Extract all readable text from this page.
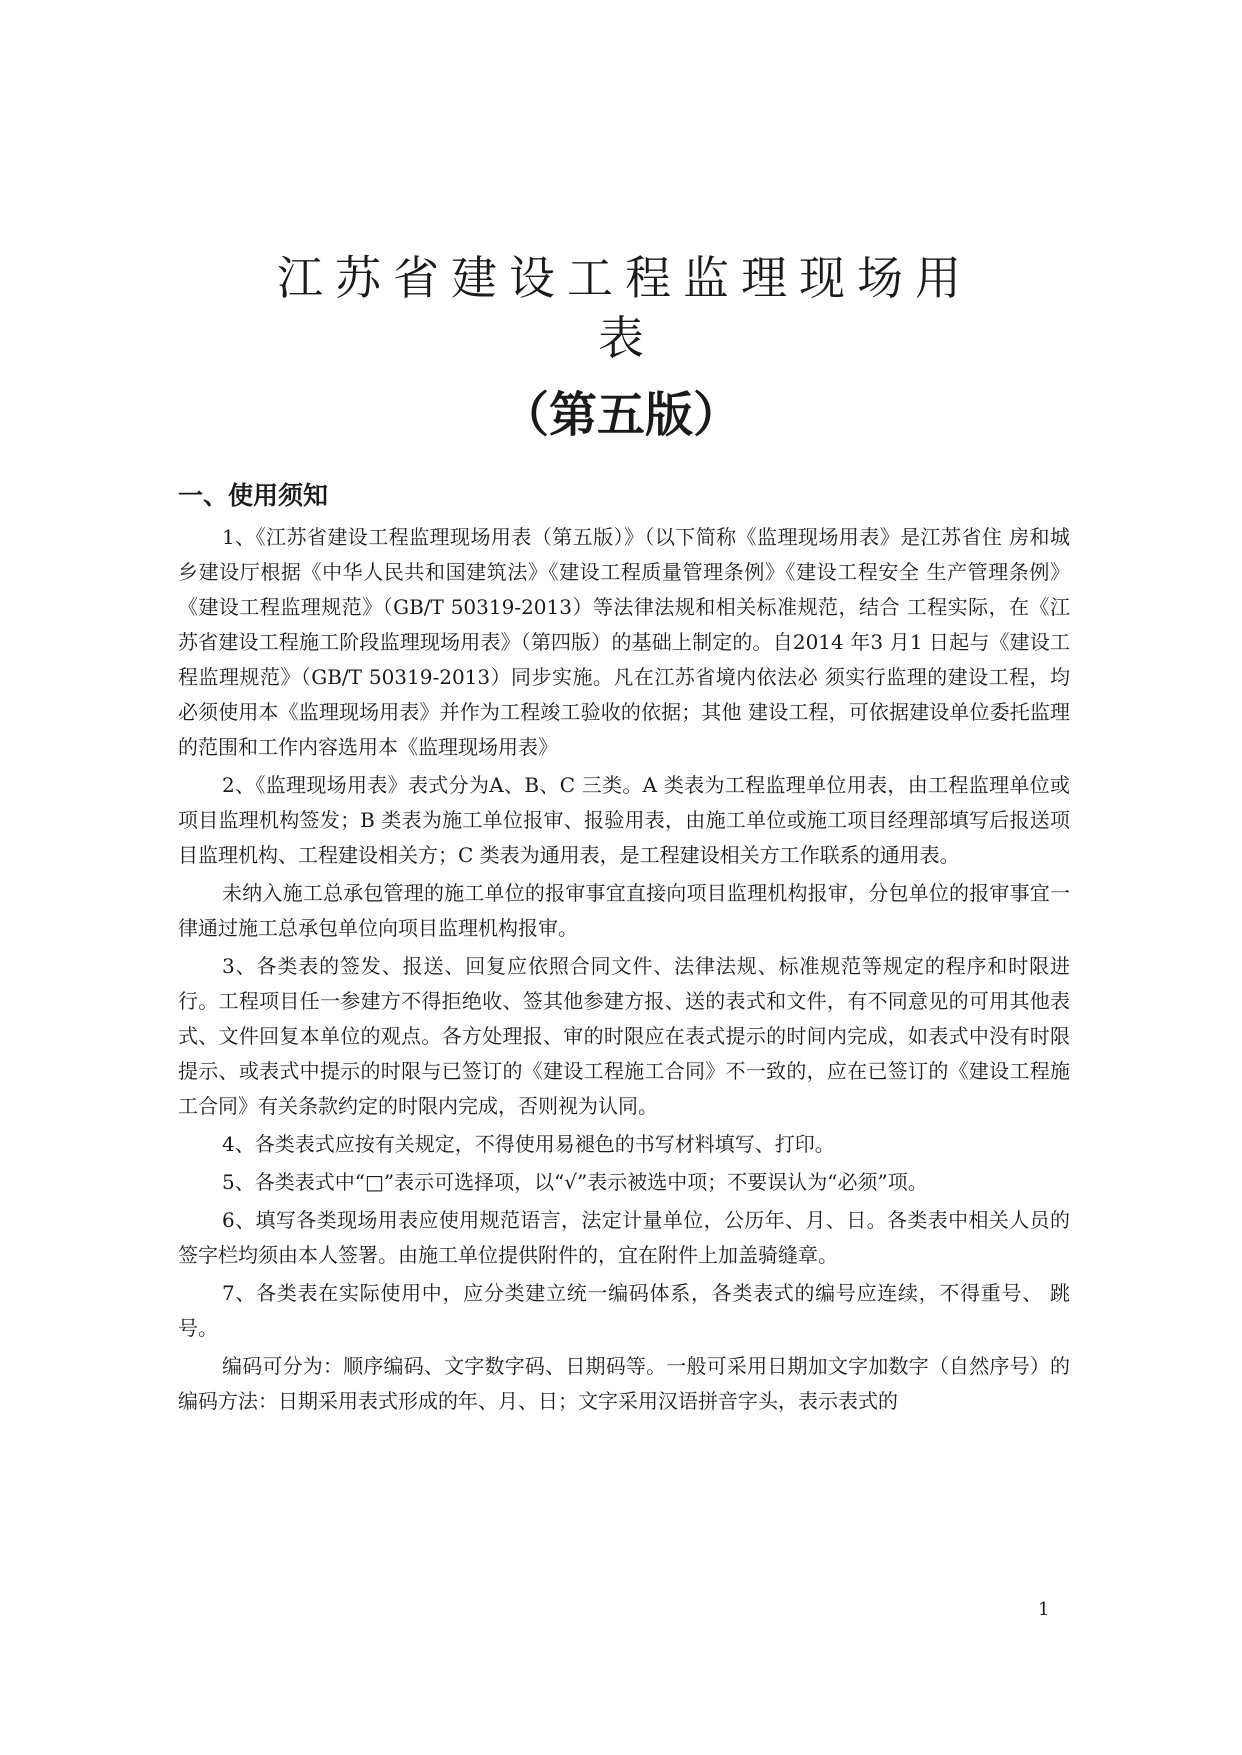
江苏省建设工程监理现场用
表
（第五版）
一、使用须知

1、《江苏省建设工程监理现场用表（第五版）》（以下简称《监理现场用表》是江苏省住 房和城乡建设厅根据《中华人民共和国建筑法》《建设工程质量管理条例》《建设工程安全 生产管理条例》《建设工程监理规范》（GB/T 50319-2013）等法律法规和相关标准规范，结合 工程实际，在《江苏省建设工程施工阶段监理现场用表》（第四版）的基础上制定的。自2014 年3 月1 日起与《建设工程监理规范》（GB/T 50319-2013）同步实施。凡在江苏省境内依法必 须实行监理的建设工程，均必须使用本《监理现场用表》并作为工程竣工验收的依据；其他 建设工程，可依据建设单位委托监理的范围和工作内容选用本《监理现场用表》

2、《监理现场用表》表式分为A、B、C 三类。A 类表为工程监理单位用表，由工程监理单位或项目监理机构签发；B 类表为施工单位报审、报验用表，由施工单位或施工项目经理部填写后报送项目监理机构、工程建设相关方；C 类表为通用表，是工程建设相关方工作联系的通用表。

未纳入施工总承包管理的施工单位的报审事宜直接向项目监理机构报审，分包单位的报审事宜一律通过施工总承包单位向项目监理机构报审。

3、各类表的签发、报送、回复应依照合同文件、法律法规、标准规范等规定的程序和时限进行。工程项目任一参建方不得拒绝收、签其他参建方报、送的表式和文件，有不同意见的可用其他表式、文件回复本单位的观点。各方处理报、审的时限应在表式提示的时间内完成，如表式中没有时限提示、或表式中提示的时限与已签订的《建设工程施工合同》不一致的，应在已签订的《建设工程施工合同》有关条款约定的时限内完成，否则视为认同。

4、各类表式应按有关规定，不得使用易褪色的书写材料填写、打印。

5、各类表式中“□”表示可选择项，以“√”表示被选中项；不要误认为“必须”项。

6、填写各类现场用表应使用规范语言，法定计量单位，公历年、月、日。各类表中相关人员的签字栏均须由本人签署。由施工单位提供附件的，宜在附件上加盖骑缝章。

7、各类表在实际使用中，应分类建立统一编码体系，各类表式的编号应连续，不得重号、 跳号。

编码可分为：顺序编码、文字数字码、日期码等。一般可采用日期加文字加数字（自然序号）的编码方法：日期采用表式形成的年、月、日；文字采用汉语拼音字头，表示表式的

1
